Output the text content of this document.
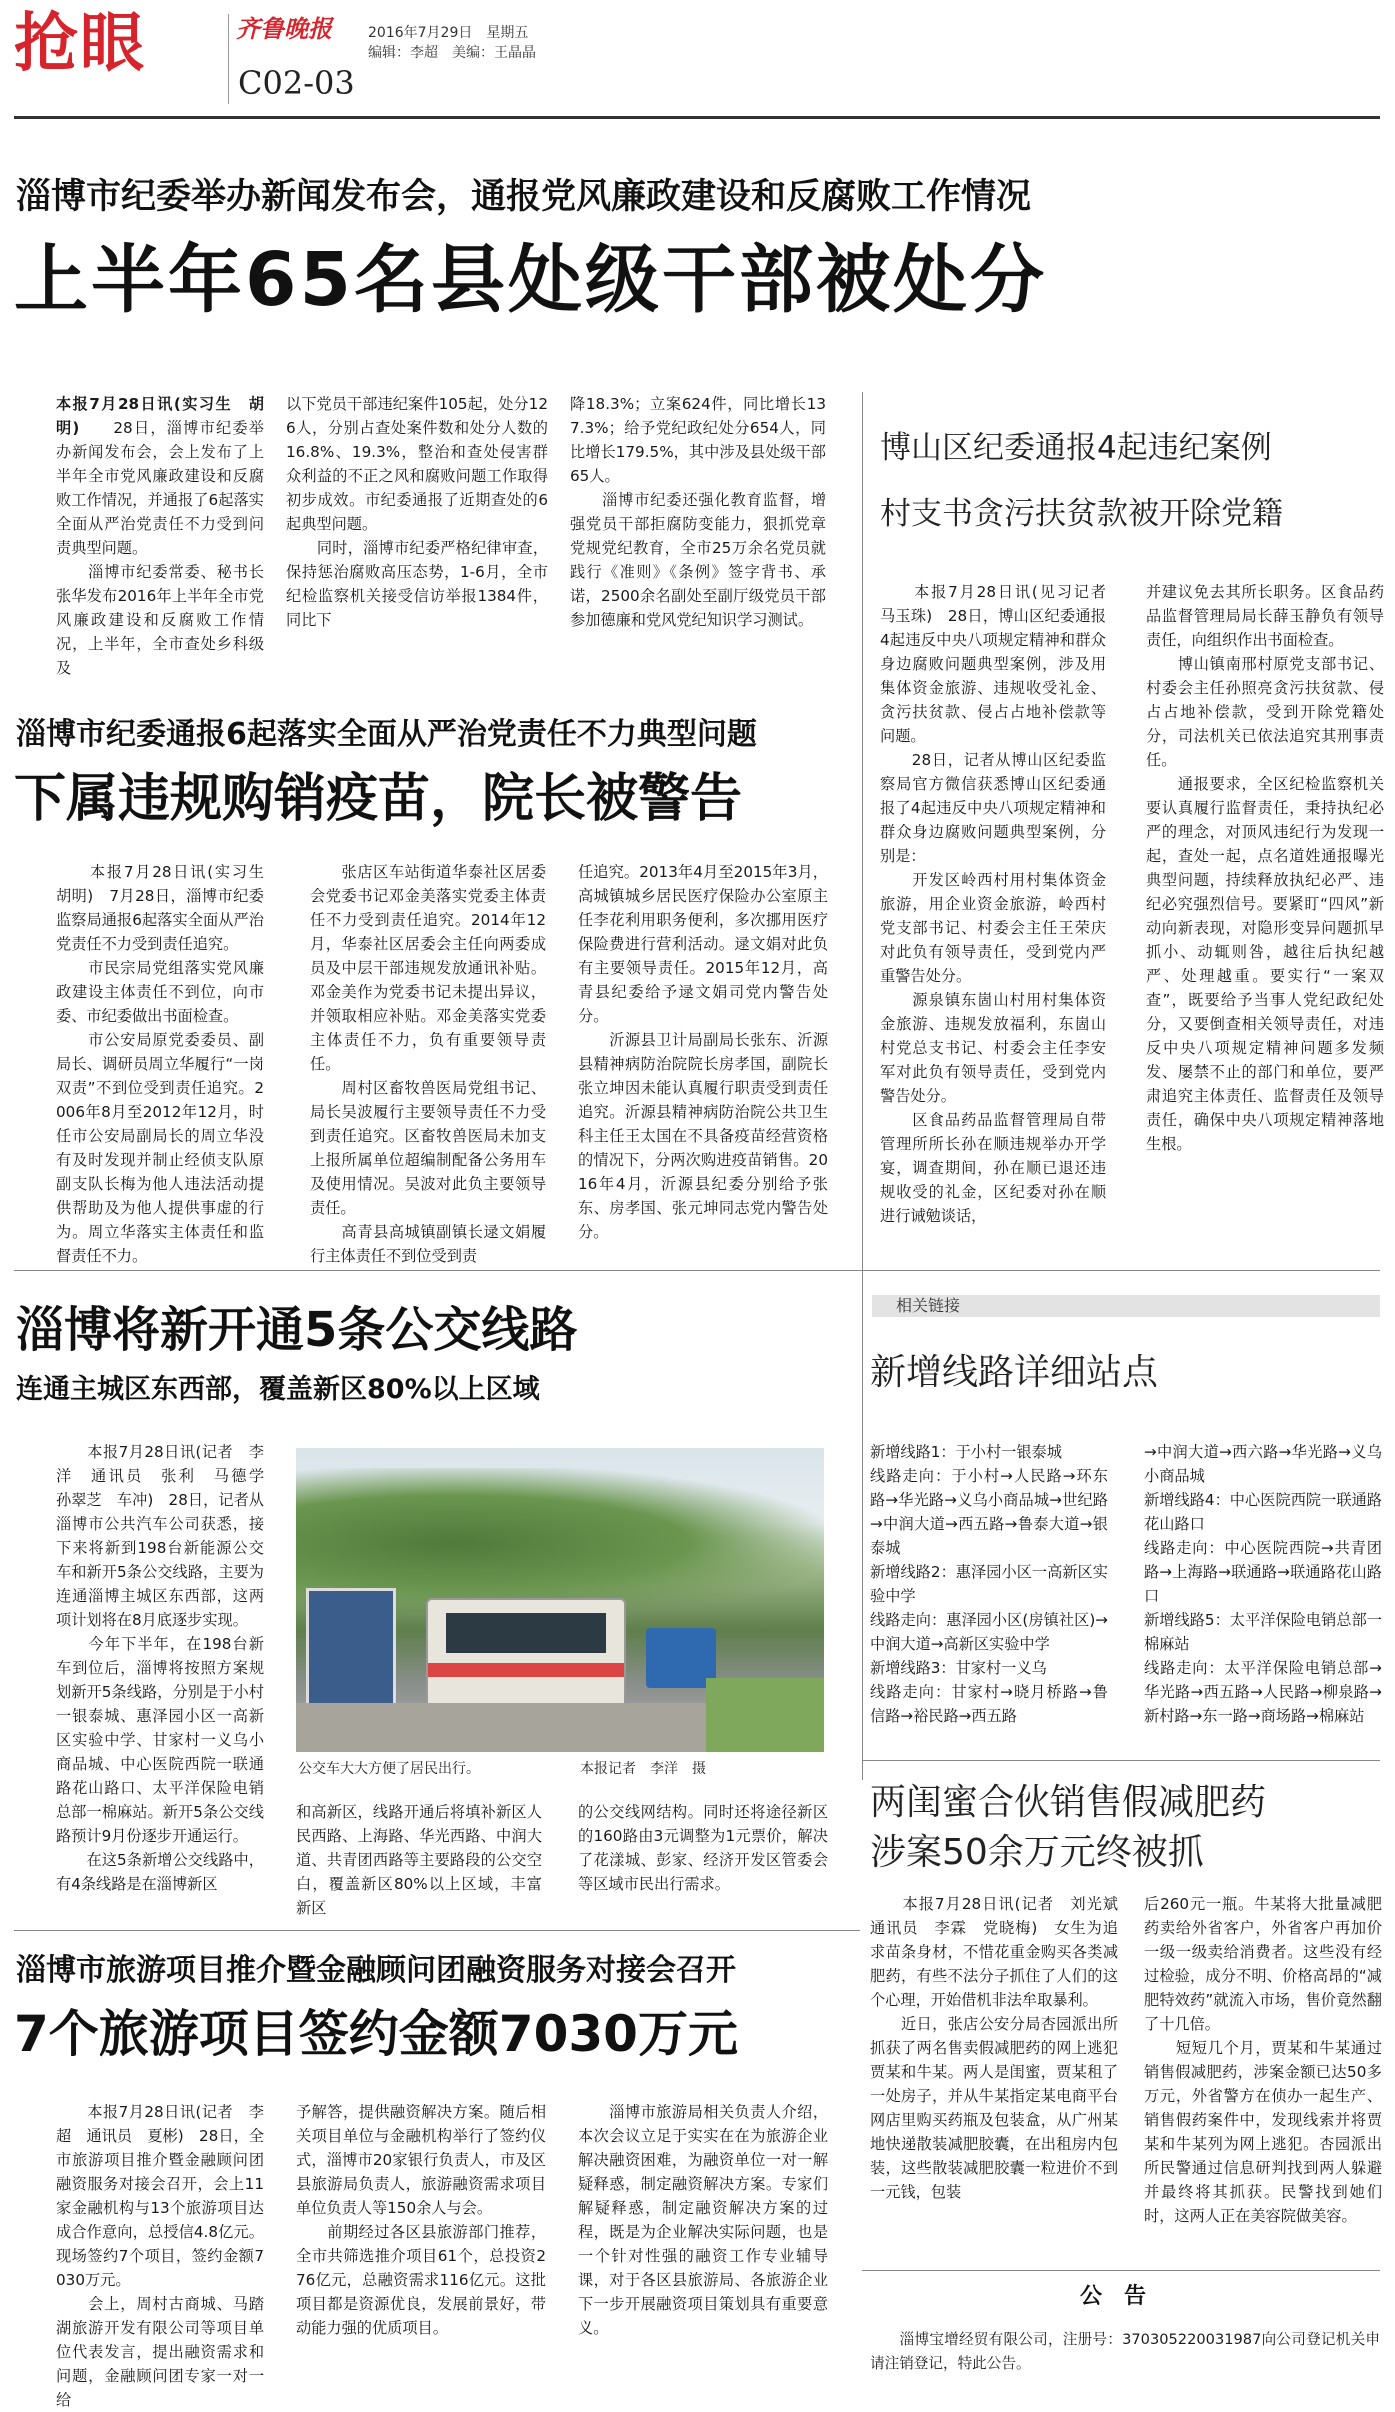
抢眼	齐鲁晚报	2016年7月29日　星期五
编辑：李超　美编：王晶晶
C02-03
淄博市纪委举办新闻发布会，通报党风廉政建设和反腐败工作情况
上半年65名县处级干部被处分
本报7月28日讯(实习生　胡明)　　28日，淄博市纪委举办新闻发布会，会上发布了上半年全市党风廉政建设和反腐败工作情况，并通报了6起落实全面从严治党责任不力受到问责典型问题。
　　淄博市纪委常委、秘书长张华发布2016年上半年全市党风廉政建设和反腐败工作情况，上半年，全市查处乡科级及
以下党员干部违纪案件105起，处分126人，分别占查处案件数和处分人数的16.8%、19.3%，整治和查处侵害群众利益的不正之风和腐败问题工作取得初步成效。市纪委通报了近期查处的6起典型问题。
　　同时，淄博市纪委严格纪律审查，保持惩治腐败高压态势，1-6月，全市纪检监察机关接受信访举报1384件，同比下
降18.3%；立案624件，同比增长137.3%；给予党纪政纪处分654人，同比增长179.5%，其中涉及县处级干部65人。
　　淄博市纪委还强化教育监督，增强党员干部拒腐防变能力，狠抓党章党规党纪教育，全市25万余名党员就践行《准则》《条例》签字背书、承诺，2500余名副处至副厅级党员干部参加德廉和党风党纪知识学习测试。
博山区纪委通报4起违纪案例
村支书贪污扶贫款被开除党籍
　　本报7月28日讯(见习记者　马玉珠)　28日，博山区纪委通报4起违反中央八项规定精神和群众身边腐败问题典型案例，涉及用集体资金旅游、违规收受礼金、贪污扶贫款、侵占占地补偿款等问题。
　　28日，记者从博山区纪委监察局官方微信获悉博山区纪委通报了4起违反中央八项规定精神和群众身边腐败问题典型案例，分别是：
　　开发区岭西村用村集体资金旅游，用企业资金旅游，岭西村党支部书记、村委会主任王荣庆对此负有领导责任，受到党内严重警告处分。
　　源泉镇东崮山村用村集体资金旅游、违规发放福利，东崮山村党总支书记、村委会主任李安军对此负有领导责任，受到党内警告处分。
　　区食品药品监督管理局自带管理所所长孙在顺违规举办开学宴，调查期间，孙在顺已退还违规收受的礼金，区纪委对孙在顺进行诫勉谈话，
并建议免去其所长职务。区食品药品监督管理局局长薛玉静负有领导责任，向组织作出书面检查。
　　博山镇南邢村原党支部书记、村委会主任孙照亮贪污扶贫款、侵占占地补偿款，受到开除党籍处分，司法机关已依法追究其刑事责任。
　　通报要求，全区纪检监察机关要认真履行监督责任，秉持执纪必严的理念，对顶风违纪行为发现一起，查处一起，点名道姓通报曝光典型问题，持续释放执纪必严、违纪必究强烈信号。要紧盯“四风”新动向新表现，对隐形变异问题抓早抓小、动辄则咎，越往后执纪越严、处理越重。要实行“一案双查”，既要给予当事人党纪政纪处分，又要倒查相关领导责任，对违反中央八项规定精神问题多发频发、屡禁不止的部门和单位，要严肃追究主体责任、监督责任及领导责任，确保中央八项规定精神落地生根。
淄博市纪委通报6起落实全面从严治党责任不力典型问题
下属违规购销疫苗，院长被警告
　　本报7月28日讯(实习生　胡明)　7月28日，淄博市纪委监察局通报6起落实全面从严治党责任不力受到责任追究。
　　市民宗局党组落实党风廉政建设主体责任不到位，向市委、市纪委做出书面检查。
　　市公安局原党委委员、副局长、调研员周立华履行“一岗双责”不到位受到责任追究。2006年8月至2012年12月，时任市公安局副局长的周立华没有及时发现并制止经侦支队原副支队长梅为他人违法活动提供帮助及为他人提供事虚的行为。周立华落实主体责任和监督责任不力。
　　张店区车站街道华泰社区居委会党委书记邓金美落实党委主体责任不力受到责任追究。2014年12月，华泰社区居委会主任向两委成员及中层干部违规发放通讯补贴。邓金美作为党委书记未提出异议，并领取相应补贴。邓金美落实党委主体责任不力，负有重要领导责任。
　　周村区畜牧兽医局党组书记、局长吴波履行主要领导责任不力受到责任追究。区畜牧兽医局未加支上报所属单位超编制配备公务用车及使用情况。吴波对此负主要领导责任。
　　高青县高城镇副镇长逯文娟履行主体责任不到位受到责
任追究。2013年4月至2015年3月，高城镇城乡居民医疗保险办公室原主任李花利用职务便利，多次挪用医疗保险费进行营利活动。逯文娟对此负有主要领导责任。2015年12月，高青县纪委给予逯文娟司党内警告处分。
　　沂源县卫计局副局长张东、沂源县精神病防治院院长房孝国，副院长张立坤因未能认真履行职责受到责任追究。沂源县精神病防治院公共卫生科主任王太国在不具备疫苗经营资格的情况下，分两次购进疫苗销售。2016年4月，沂源县纪委分别给予张东、房孝国、张元坤同志党内警告处分。
淄博将新开通5条公交线路
连通主城区东西部，覆盖新区80%以上区域
　　本报7月28日讯(记者　李洋　通讯员　张利　马德学　孙翠芝　车冲)　28日，记者从淄博市公共汽车公司获悉，接下来将新到198台新能源公交车和新开5条公交线路，主要为连通淄博主城区东西部，这两项计划将在8月底逐步实现。
　　今年下半年，在198台新车到位后，淄博将按照方案规划新开5条线路，分别是于小村一银泰城、惠泽园小区一高新区实验中学、甘家村一义乌小商品城、中心医院西院一联通路花山路口、太平洋保险电销总部一棉麻站。新开5条公交线路预计9月份逐步开通运行。
　　在这5条新增公交线路中，有4条线路是在淄博新区
公交车大大方便了居民出行。	本报记者　李洋　摄
和高新区，线路开通后将填补新区人民西路、上海路、华光西路、中润大道、共青团西路等主要路段的公交空白，覆盖新区80%以上区域，丰富新区
的公交线网结构。同时还将途径新区的160路由3元调整为1元票价，解决了花漾城、彭家、经济开发区管委会等区域市民出行需求。
相关链接
新增线路详细站点
新增线路1：于小村一银泰城
线路走向：于小村→人民路→环东路→华光路→义乌小商品城→世纪路→中润大道→西五路→鲁泰大道→银泰城
新增线路2：惠泽园小区一高新区实验中学
线路走向：惠泽园小区(房镇社区)→中润大道→高新区实验中学
新增线路3：甘家村一义乌
线路走向：甘家村→晓月桥路→鲁信路→裕民路→西五路
→中润大道→西六路→华光路→义乌小商品城
新增线路4：中心医院西院一联通路花山路口
线路走向：中心医院西院→共青团路→上海路→联通路→联通路花山路口
新增线路5：太平洋保险电销总部一棉麻站
线路走向：太平洋保险电销总部→华光路→西五路→人民路→柳泉路→新村路→东一路→商场路→棉麻站
两闺蜜合伙销售假减肥药
涉案50余万元终被抓
　　本报7月28日讯(记者　刘光斌　通讯员　李霖　党晓梅)　女生为追求苗条身材，不惜花重金购买各类减肥药，有些不法分子抓住了人们的这个心理，开始借机非法牟取暴利。
　　近日，张店公安分局杏园派出所抓获了两名售卖假减肥药的网上逃犯贾某和牛某。两人是闺蜜，贾某租了一处房子，并从牛某指定某电商平台网店里购买药瓶及包装盒，从广州某地快递散装减肥胶囊，在出租房内包装，这些散装减肥胶囊一粒进价不到一元钱，包装
后260元一瓶。牛某将大批量减肥药卖给外省客户，外省客户再加价一级一级卖给消费者。这些没有经过检验，成分不明、价格高昂的“减肥特效药”就流入市场，售价竟然翻了十几倍。
　　短短几个月，贾某和牛某通过销售假减肥药，涉案金额已达50多万元，外省警方在侦办一起生产、销售假药案件中，发现线索并将贾某和牛某列为网上逃犯。杏园派出所民警通过信息研判找到两人躲避并最终将其抓获。民警找到她们时，这两人正在美容院做美容。
淄博市旅游项目推介暨金融顾问团融资服务对接会召开
7个旅游项目签约金额7030万元
　　本报7月28日讯(记者　李超　通讯员　夏彬)　28日，全市旅游项目推介暨金融顾问团融资服务对接会召开，会上11家金融机构与13个旅游项目达成合作意向，总授信4.8亿元。现场签约7个项目，签约金额7030万元。
　　会上，周村古商城、马踏湖旅游开发有限公司等项目单位代表发言，提出融资需求和问题，金融顾问团专家一对一给
予解答，提供融资解决方案。随后相关项目单位与金融机构举行了签约仪式，淄博市20家银行负责人，市及区县旅游局负责人，旅游融资需求项目单位负责人等150余人与会。
　　前期经过各区县旅游部门推荐，全市共筛选推介项目61个，总投资276亿元，总融资需求116亿元。这批项目都是资源优良，发展前景好，带动能力强的优质项目。
　　淄博市旅游局相关负责人介绍，本次会议立足于实实在在为旅游企业解决融资困难，为融资单位一对一解疑释惑，制定融资解决方案。专家们解疑释惑，制定融资解决方案的过程，既是为企业解决实际问题，也是一个针对性强的融资工作专业辅导课，对于各区县旅游局、各旅游企业下一步开展融资项目策划具有重要意义。
公　告
　　淄博宝增经贸有限公司，注册号：370305220031987向公司登记机关申请注销登记，特此公告。
